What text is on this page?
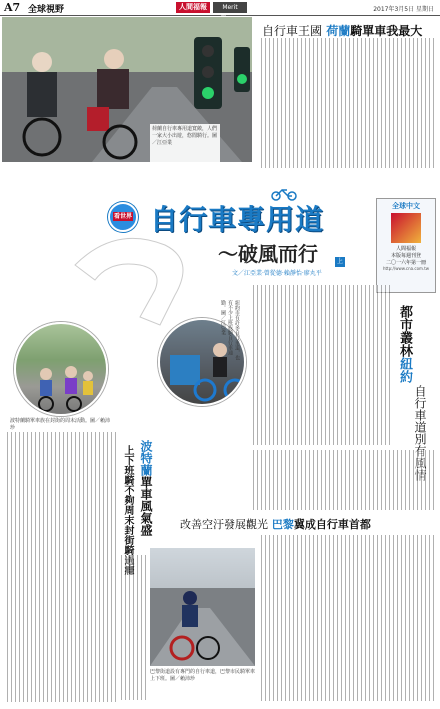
A7 全球視野	人間福報	Merit	2017年3月5日 星期日
荷蘭自行車專用道寬敞，人們一家大小出遊，悠閒騎行。圖／江亞業
自行車王國 荷蘭騎單車我最大
看世界 自行車專用道
～破風而行	上
文／江亞業‧曾從德‧賴靜怡‧廖丸平
全球中文
人間福報
本版每週刊登
二〇一六年第一冊
http://www.cna.com.tw
波特蘭騎單車族在封街的周末活動。圖／賴沛珍
紐約市有許多自行車道，也有不少上班族騎自行車通勤。圖／江亞業	都市叢林紐約
自行車道別有風情
波特蘭單車風氣盛
上下班騎不夠周末封街騎過癮	改善空汙發展觀光 巴黎冀成自行車首都
巴黎街道設有專門的自行車道，巴黎市民騎單車上下班。圖／賴沛珍
